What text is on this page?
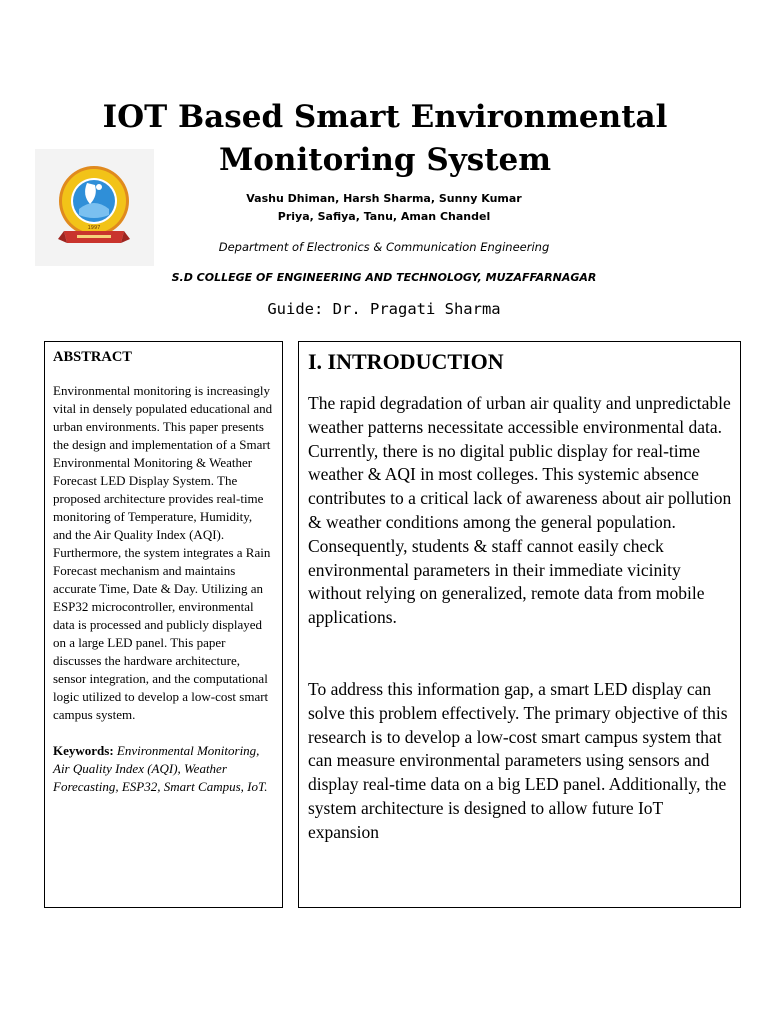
IOT Based Smart Environmental
Monitoring System
1997
Vashu Dhiman, Harsh Sharma, Sunny Kumar
Priya, Safiya, Tanu, Aman Chandel
Department of Electronics & Communication Engineering
S.D COLLEGE OF ENGINEERING AND TECHNOLOGY, MUZAFFARNAGAR
Guide: Dr. Pragati Sharma

ABSTRACT

Environmental monitoring is increasingly vital in densely populated educational and urban environments. This paper presents the design and implementation of a Smart Environmental Monitoring & Weather Forecast LED Display System. The proposed architecture provides real-time monitoring of Temperature, Humidity, and the Air Quality Index (AQI). Furthermore, the system integrates a Rain Forecast mechanism and maintains accurate Time, Date & Day. Utilizing an ESP32 microcontroller, environmental data is processed and publicly displayed on a large LED panel. This paper discusses the hardware architecture, sensor integration, and the computational logic utilized to develop a low-cost smart campus system.

Keywords: Environmental Monitoring, Air Quality Index (AQI), Weather Forecasting, ESP32, Smart Campus, IoT.

I. INTRODUCTION

The rapid degradation of urban air quality and unpredictable weather patterns necessitate accessible environmental data. Currently, there is no digital public display for real-time weather & AQI in most colleges. This systemic absence contributes to a critical lack of awareness about air pollution & weather conditions among the general population. Consequently, students & staff cannot easily check environmental parameters in their immediate vicinity without relying on generalized, remote data from mobile applications.

To address this information gap, a smart LED display can solve this problem effectively. The primary objective of this research is to develop a low-cost smart campus system that can measure environmental parameters using sensors and display real-time data on a big LED panel. Additionally, the system architecture is designed to allow future IoT expansion
